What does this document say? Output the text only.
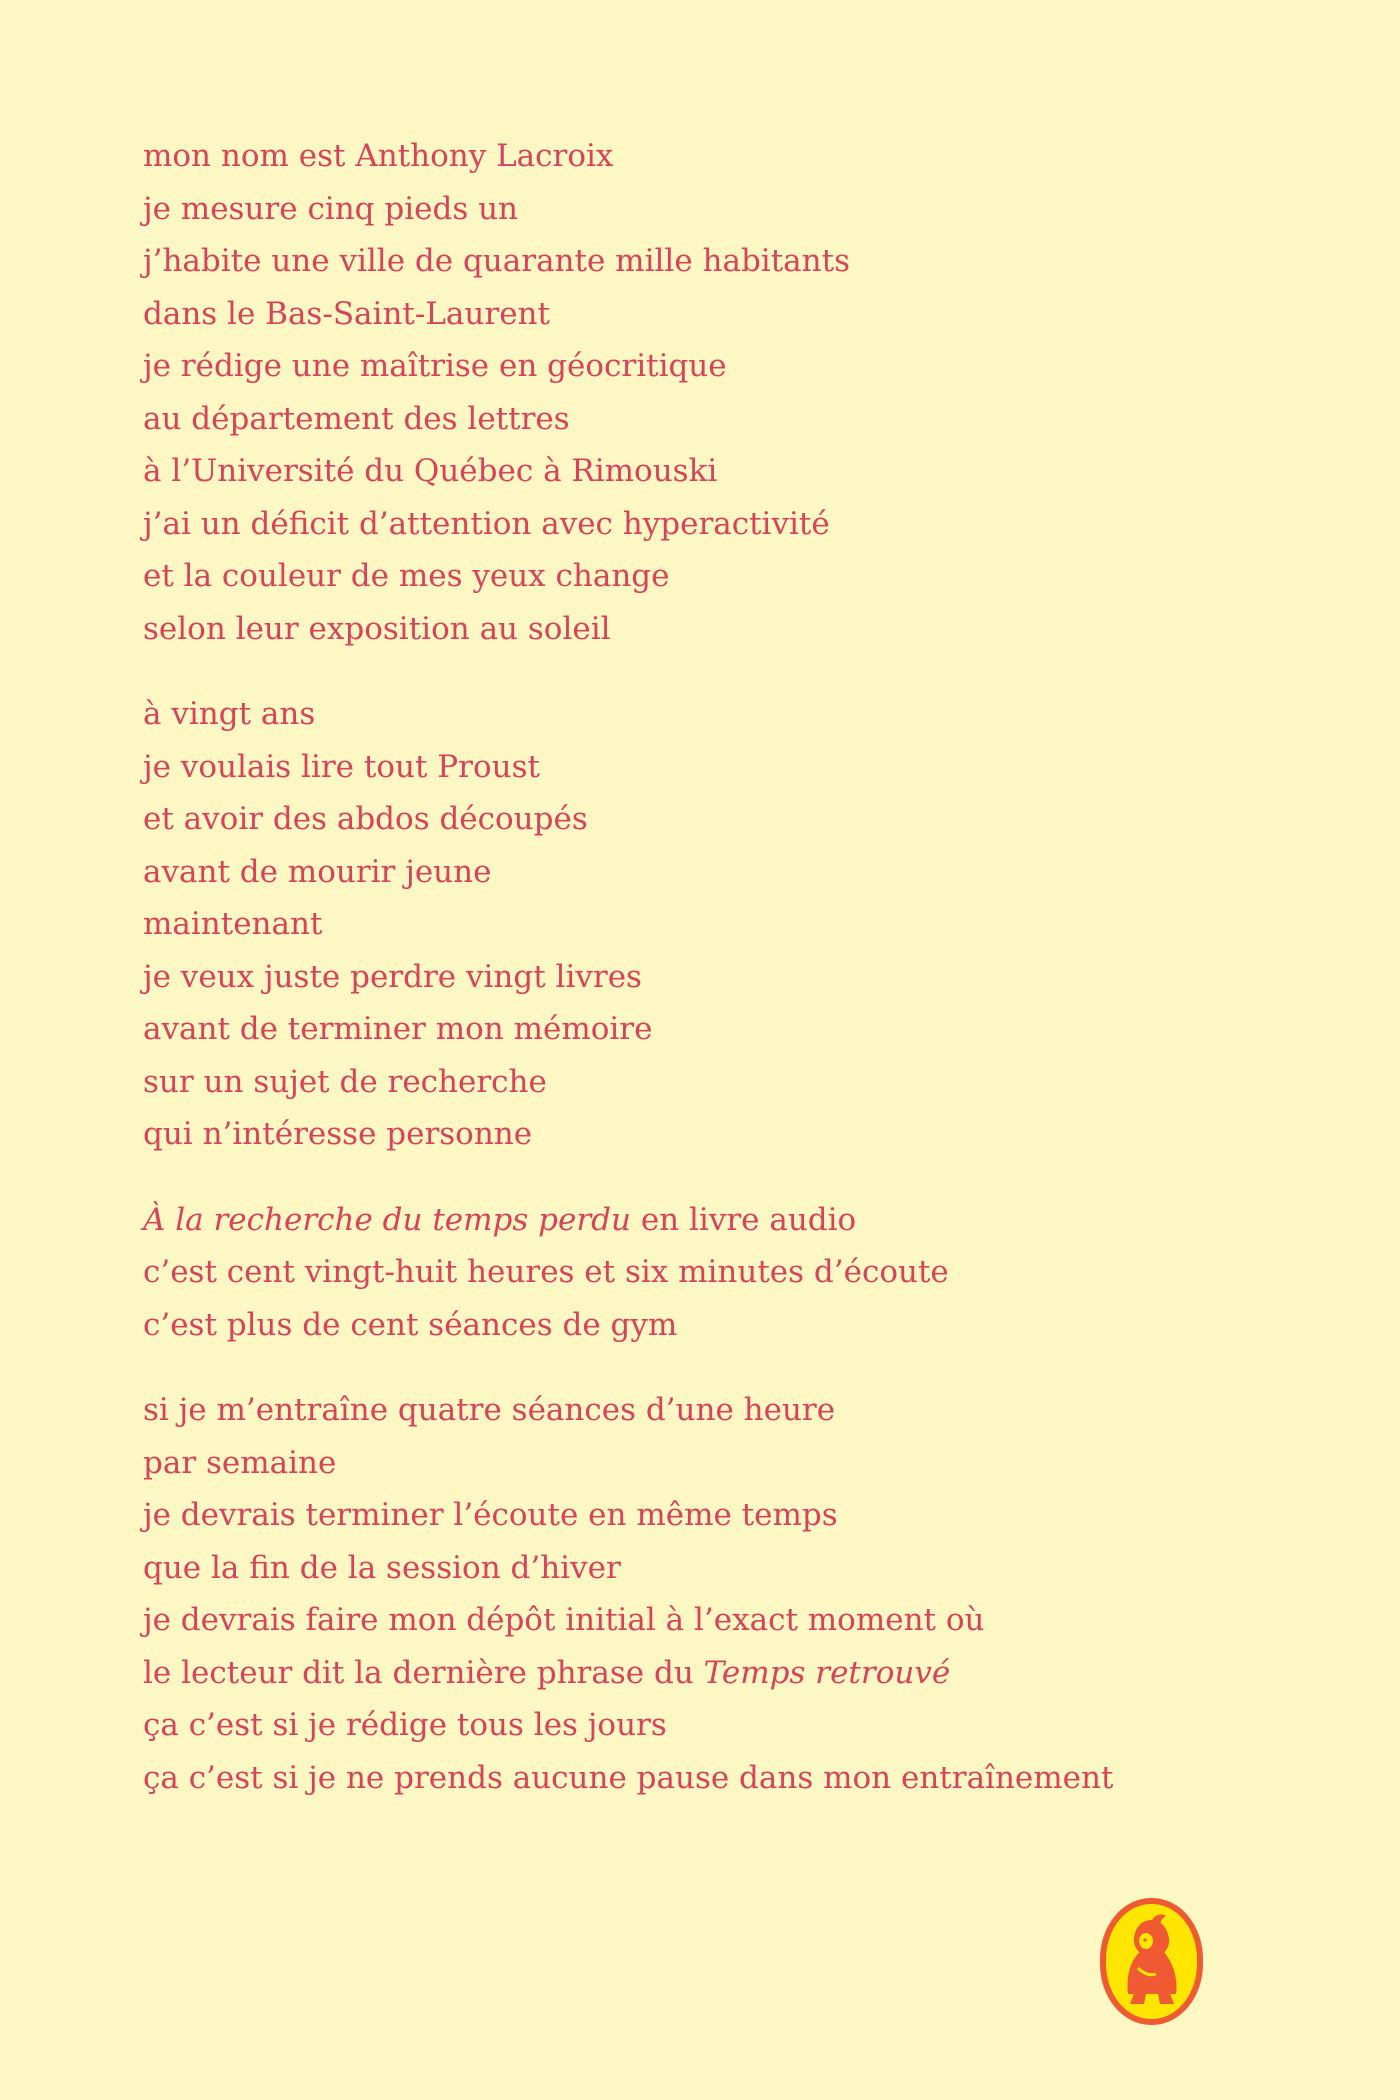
mon nom est Anthony Lacroix
je mesure cinq pieds un
j’habite une ville de quarante mille habitants
dans le Bas-Saint-Laurent
je rédige une maîtrise en géocritique
au département des lettres
à l’Université du Québec à Rimouski
j’ai un déficit d’attention avec hyperactivité
et la couleur de mes yeux change
selon leur exposition au soleil
à vingt ans
je voulais lire tout Proust
et avoir des abdos découpés
avant de mourir jeune
maintenant
je veux juste perdre vingt livres
avant de terminer mon mémoire
sur un sujet de recherche
qui n’intéresse personne
À la recherche du temps perdu en livre audio
c’est cent vingt-huit heures et six minutes d’écoute
c’est plus de cent séances de gym
si je m’entraîne quatre séances d’une heure
par semaine
je devrais terminer l’écoute en même temps
que la fin de la session d’hiver
je devrais faire mon dépôt initial à l’exact moment où
le lecteur dit la dernière phrase du Temps retrouvé
ça c’est si je rédige tous les jours
ça c’est si je ne prends aucune pause dans mon entraînement
